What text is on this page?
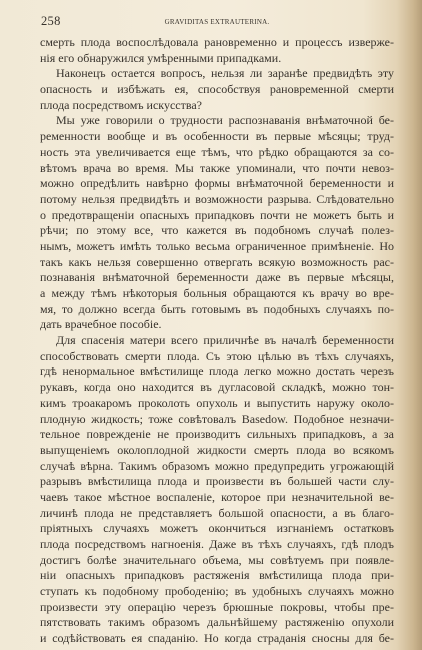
258	GRAVIDITAS EXTRAUTERINA.
смерть плода воспослѣдовала рановременно и процессъ изверже-
нія его обнаружился умѣренными припадками.
Наконецъ остается вопросъ, нельзя ли заранѣе предвидѣть эту
опасность и избѣжать ея, способствуя рановременной смерти
плода посредствомъ искусства?
Мы уже говорили о трудности распознаванія внѣматочной бе-
ременности вообще и въ особенности въ первые мѣсяцы; труд-
ность эта увеличивается еще тѣмъ, что рѣдко обращаются за со-
вѣтомъ врача во время. Мы также упоминали, что почти невоз-
можно опредѣлить навѣрно формы внѣматочной беременности и
потому нельзя предвидѣть и возможности разрыва. Слѣдовательно
о предотвращеніи опасныхъ припадковъ почти не можетъ быть и
рѣчи; по этому все, что кажется въ подобномъ случаѣ полез-
нымъ, можетъ имѣть только весьма ограниченное примѣненіе. Но
такъ какъ нельзя совершенно отвергать всякую возможность рас-
познаванія внѣматочной беременности даже въ первые мѣсяцы,
а между тѣмъ нѣкоторыя больныя обращаются къ врачу во вре-
мя, то должно всегда быть готовымъ въ подобныхъ случаяхъ по-
дать врачебное пособіе.
Для спасенія матери всего приличнѣе въ началѣ беременности
способствовать смерти плода. Съ этою цѣлью въ тѣхъ случаяхъ,
гдѣ ненормальное вмѣстилище плода легко можно достать черезъ
рукавъ, когда оно находится въ дугласовой складкѣ, можно тон-
кимъ троакаромъ проколоть опухоль и выпустить наружу около-
плодную жидкость; тоже совѣтовалъ Basedow. Подобное незначи-
тельное поврежденіе не производитъ сильныхъ припадковъ, а за
выпущеніемъ околоплодной жидкости смерть плода во всякомъ
случаѣ вѣрна. Такимъ образомъ можно предупредить угрожающій
разрывъ вмѣстилища плода и произвести въ большей части слу-
чаевъ такое мѣстное воспаленіе, которое при незначительной ве-
личинѣ плода не представляетъ большой опасности, а въ благо-
пріятныхъ случаяхъ можетъ окончиться изгнаніемъ остатковъ
плода посредствомъ нагноенія. Даже въ тѣхъ случаяхъ, гдѣ плодъ
достигъ болѣе значительнаго объема, мы совѣтуемъ при появле-
ніи опасныхъ припадковъ растяженія вмѣстилища плода при-
ступать къ подобному прободенію; въ удобныхъ случаяхъ можно
произвести эту операцію черезъ брюшные покровы, чтобы пре-
пятствовать такимъ образомъ дальнѣйшему растяженію опухоли
и содѣйствовать ея спаданію. Но когда страданія сносны для бе-
